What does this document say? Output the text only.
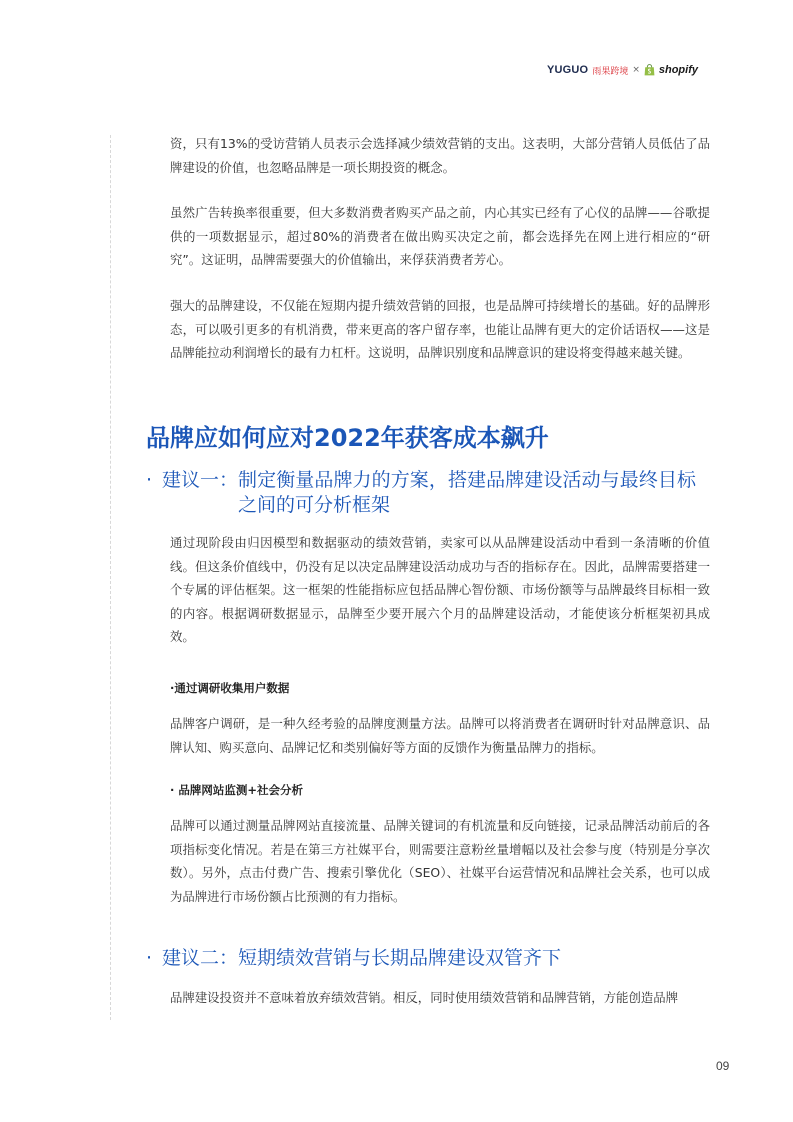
YUGUO 雨果跨境 × shopify

资，只有13%的受访营销人员表示会选择减少绩效营销的支出。这表明，大部分营销人员低估了品牌建设的价值，也忽略品牌是一项长期投资的概念。

虽然广告转换率很重要，但大多数消费者购买产品之前，内心其实已经有了心仪的品牌——谷歌提供的一项数据显示，超过80%的消费者在做出购买决定之前，都会选择先在网上进行相应的“研究”。这证明，品牌需要强大的价值输出，来俘获消费者芳心。

强大的品牌建设，不仅能在短期内提升绩效营销的回报，也是品牌可持续增长的基础。好的品牌形态，可以吸引更多的有机消费，带来更高的客户留存率，也能让品牌有更大的定价话语权——这是品牌能拉动利润增长的最有力杠杆。这说明，品牌识别度和品牌意识的建设将变得越来越关键。

品牌应如何应对2022年获客成本飙升
· 建议一： 制定衡量品牌力的方案，搭建品牌建设活动与最终目标之间的可分析框架

通过现阶段由归因模型和数据驱动的绩效营销，卖家可以从品牌建设活动中看到一条清晰的价值线。但这条价值线中，仍没有足以决定品牌建设活动成功与否的指标存在。因此，品牌需要搭建一个专属的评估框架。这一框架的性能指标应包括品牌心智份额、市场份额等与品牌最终目标相一致的内容。根据调研数据显示，品牌至少要开展六个月的品牌建设活动，才能使该分析框架初具成效。

·通过调研收集用户数据

品牌客户调研，是一种久经考验的品牌度测量方法。品牌可以将消费者在调研时针对品牌意识、品牌认知、购买意向、品牌记忆和类别偏好等方面的反馈作为衡量品牌力的指标。

· 品牌网站监测+社会分析

品牌可以通过测量品牌网站直接流量、品牌关键词的有机流量和反向链接，记录品牌活动前后的各项指标变化情况。若是在第三方社媒平台，则需要注意粉丝量增幅以及社会参与度（特别是分享次数）。另外，点击付费广告、搜索引擎优化（SEO）、社媒平台运营情况和品牌社会关系，也可以成为品牌进行市场份额占比预测的有力指标。

· 建议二： 短期绩效营销与长期品牌建设双管齐下

品牌建设投资并不意味着放弃绩效营销。相反，同时使用绩效营销和品牌营销，方能创造品牌

09
